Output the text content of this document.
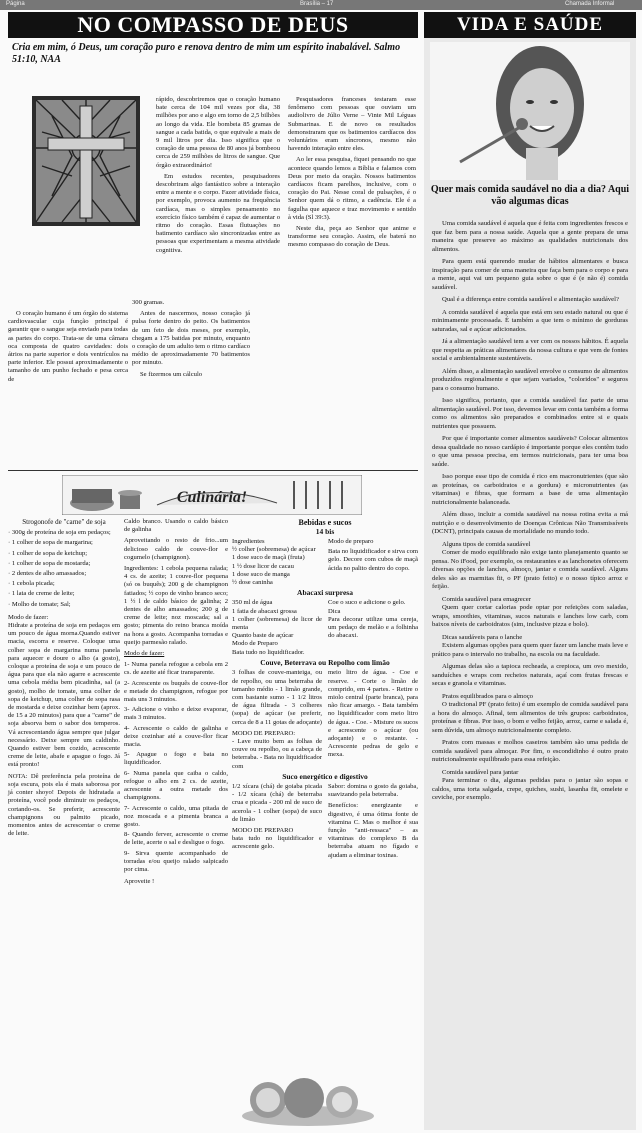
Página	Brasília – 17	Chamada Informal
NO COMPASSO DE DEUS
Cria em mim, ó Deus, um coração puro e renova dentro de mim um espírito inabalável. Salmo 51:10, NAA

O coração humano é um órgão do sistema cardiovascular cuja função principal é garantir que o sangue seja enviado para todas as partes do corpo. Trata-se de uma câmara oca composta de quatro cavidades: dois átrios na parte superior e dois ventrículos na parte inferior. Ele possui aproximadamente o tamanho de um punho fechado e pesa cerca de

rápido, descobriremos que o coração humano bate cerca de 104 mil vezes por dia, 38 milhões por ano e algo em torno de 2,5 bilhões ao longo da vida. Ele bombeia 85 gramas de sangue a cada batida, o que equivale a mais de 9 mil litros por dia. Isso significa que o coração de uma pessoa de 80 anos já bombeou cerca de 259 milhões de litros de sangue. Que órgão extraordinário!

Em estudos recentes, pesquisadores descobriram algo fantástico sobre a interação entre a mente e o corpo. Fazer atividade física, por exemplo, provoca aumento na frequência cardíaca, mas o simples pensamento no exercício físico também é capaz de aumentar o ritmo do coração. Essas flutuações no batimento cardíaco são sincronizadas entre as pessoas que experimentam a mesma atividade cognitiva.

Pesquisadores franceses testaram esse fenômeno com pessoas que ouviam um audiolivro de Júlio Verne – Vinte Mil Léguas Submarinas. E de novo os resultados demonstraram que os batimentos cardíacos dos voluntários eram síncronos, mesmo não havendo interação entre eles.

Ao ler essa pesquisa, fiquei pensando no que acontece quando lemos a Bíblia e falamos com Deus por meio da oração. Nossos batimentos cardíacos ficam parelhos, inclusive, com o coração do Pai. Nesse coral de pulsações, é o Senhor quem dá o ritmo, a cadência. Ele é a fagulha que aquece e traz movimento e sentido à vida (Sl 39:3).

Neste dia, peça ao Senhor que anime e transforme seu coração. Assim, ele baterá no mesmo compasso do coração de Deus.

Culinária!

Strogonofe de "carne" de soja

· 300g de proteína de soja em pedaços;

· 1 colher de sopa de margarina;

· 1 colher de sopa de ketchup;

· 1 colher de sopa de mostarda;

· 2 dentes de alho amassados;

· 1 cebola picada;

· 1 lata de creme de leite;

· Molho de tomate; Sal;

Modo de fazer:

Hidrate a proteína de soja em pedaços em um pouco de água morna.Quando estiver macia, escorra e reserve. Coloque uma colher sopa de margarina numa panela para aquecer e doure o alho (a gosto), coloque a proteína de soja e um pouco de água para que ela não agarre e acrescente uma cebola média bem picadinha, sal (a gosto), molho de tomate, uma colher de sopa de ketchup, uma colher de sopa rasa de mostarda e deixe cozinhar bem (aprox. de 15 a 20 minutos) para que a "carne" de soja absorva bem o sabor dos temperos. Vá acrescentando água sempre que julgar necessário. Deixe sempre um caldinho. Quando estiver bem cozido, acrescente creme de leite, abafe e apague o fogo. Já está pronto!

NOTA: Dê preferência pela proteína de soja escura, pois ela é mais saborosa por já conter shoyo! Depois de hidratada a proteína, você pode diminuir os pedaços, cortando-os. Se preferir, acrescente champignons ou palmito picado, momentos antes de acrescentar o creme de leite.

Caldo branco. Usando o caldo básico de galinha

Aproveitando o resto de frio...um delicioso caldo de couve-flor e cogumelo (champignon).

Ingredientes: 1 cebola pequena ralada; 4 cs. de azeite; 1 couve-flor pequena (só os buquês); 200 g de champignon fatiados; ½ copo de vinho branco seco; 1 ½ l de caldo básico de galinha; 2 dentes de alho amassados; 200 g de creme de leite; noz moscada; sal a gosto; pimenta do reino branca moída na hora a gosto. Acompanha torradas e queijo parmesão ralado.

Modo de fazer:

1- Numa panela refogue a cebola em 2 cs. de azeite até ficar transparente.

2- Acrescente os buquês de couve-flor e metade do champignon, refogue por mais uns 3 minutos.

3- Adicione o vinho e deixe evaporar, mais 3 minutos.

4- Acrescente o caldo de galinha e deixe cozinhar até a couve-flor ficar macia.

5- Apague o fogo e bata no liquidificador.

6- Numa panela que caiba o caldo, refogue o alho em 2 cs. de azeite, acrescente a outra metade dos champignons.

7- Acrescente o caldo, uma pitada de noz moscada e a pimenta branca a gosto.

8- Quando ferver, acrescente o creme de leite, acerte o sal e desligue o fogo.

9- Sirva quente acompanhado de torradas e/ou queijo ralado salpicado por cima.

Aproveite !

Bebidas e sucos
14 bis

Ingredientes

½ colher (sobremesa) de açúcar

1 dose suco de maçã (fruta)

1 ½ dose licor de cacau

1 dose suco de manga

½ dose caninha

Modo de preparo

Bata no liquidificador e sirva com gelo. Decore com cubos de maçã ácida no palito dentro do copo.

Abacaxi surpresa

350 ml de água

1 fatia de abacaxi grossa

1 colher (sobremesa) de licor de menta

Quanto baste de açúcar

Modo de Preparo

Bata tudo no liquidificador.

Coe o suco e adicione o gelo.

Dica

Para decorar utilize uma cereja, um pedaço de melão e a folhinha do abacaxi.

Couve, Beterrava ou Repolho com limão

3 folhas de couve-manteiga, ou de repolho, ou uma beterraba de tamanho médio - 1 limão grande, com bastante sumo - 1 1/2 litros de água filtrada - 3 colheres (sopa) de açúcar (se preferir, cerca de 8 a 11 gotas de adoçante)

MODO DE PREPARO:

- Lave muito bem as folhas de couve ou repolho, ou a cabeça de beterraba. - Bata no liquidificador com

meio litro de água. - Coe e reserve. - Corte o limão de comprido, em 4 partes. - Retire o miolo central (parte branca), para não ficar amargo. - Bata também no liquidificador com meio litro de água. - Coe. - Misture os sucos e acrescente o açúcar (ou adoçante) e o restante. - Acrescente pedras de gelo e mexa.

Suco energético e digestivo

1/2 xícara (chá) de goiaba picada - 1/2 xícara (chá) de beterraba crua e picada - 200 ml de suco de acerola - 1 colher (sopa) de suco de limão

MODO DE PREPARO

bata tudo no liquidificador e acrescente gelo.

Sabor: domina o gosto da goiaba, suavizando pela beterraba.

Benefícios: energizante e digestivo, é uma ótima fonte de vitamina C. Mas o melhor é sua função "anti-ressaca" – as vitaminas do complexo B da beterraba atuam no fígado e ajudam a eliminar toxinas.

VIDA E SAÚDE
Quer mais comida saudável no dia a dia? Aqui vão algumas dicas

Uma comida saudável é aquela que é feita com ingredientes frescos e que faz bem para a nossa saúde. Aquela que a gente prepara de uma maneira que preserve ao máximo as qualidades nutricionais dos alimentos.

Para quem está querendo mudar de hábitos alimentares e busca inspiração para comer de uma maneira que faça bem para o corpo e para a mente, aqui vai um pequeno guia sobre o que é (e não é) comida saudável.

Qual é a diferença entre comida saudável e alimentação saudável?

A comida saudável é aquela que está em seu estado natural ou que é minimamente processada. É também a que tem o mínimo de gorduras saturadas, sal e açúcar adicionados.

Já a alimentação saudável tem a ver com os nossos hábitos. É aquela que respeita as práticas alimentares da nossa cultura e que vem de fontes social e ambientalmente sustentáveis.

Além disso, a alimentação saudável envolve o consumo de alimentos produzidos regionalmente e que sejam variados, "coloridos" e seguros para o consumo humano.

Isso significa, portanto, que a comida saudável faz parte de uma alimentação saudável. Por isso, devemos levar em conta também a forma como os alimentos são preparados e combinados entre si e quais nutrientes que possuem.

Por que é importante comer alimentos saudáveis? Colocar alimentos dessa qualidade no nosso cardápio é importante porque eles contêm tudo o que uma pessoa precisa, em termos nutricionais, para ter uma boa saúde.

Isso porque esse tipo de comida é rico em macronutrientes (que são as proteínas, os carboidratos e a gordura) e micronutrientes (as vitaminas) e fibras, que formam a base de uma alimentação nutricionalmente balanceada.

Além disso, incluir a comida saudável na nossa rotina evita a má nutrição e o desenvolvimento de Doenças Crônicas Não Transmissíveis (DCNT), principais causas de mortalidade no mundo todo.

Alguns tipos de comida saudável

Comer de modo equilibrado não exige tanto planejamento quanto se pensa. No iFood, por exemplo, os restaurantes e as lanchonetes oferecem diversas opções de lanches, almoço, jantar e comida saudável. Alguns deles são as marmitas fit, o PF (prato feito) e o nosso típico arroz e feijão.

Comida saudável para emagrecer

Quem quer cortar calorias pode optar por refeições com saladas, wraps, smoothies, vitaminas, sucos naturais e lanches low carb, com baixos níveis de carboidratos (sim, inclusive pizza e bolo).

Dicas saudáveis para o lanche

Existem algumas opções para quem quer fazer um lanche mais leve e prático para o intervalo no trabalho, na escola ou na faculdade.

Algumas delas são a tapioca recheada, a crepioca, um ovo mexido, sanduíches e wraps com recheios naturais, açaí com frutas frescas e secas e granola e vitaminas.

Pratos equilibrados para o almoço

O tradicional PF (prato feito) é um exemplo de comida saudável para a hora do almoço. Afinal, tem alimentos de três grupos: carboidratos, proteínas e fibras. Por isso, o bom e velho feijão, arroz, carne e salada é, sem dúvida, um almoço nutricionalmente completo.

Pratos com massas e molhos caseiros também são uma pedida de comida saudável para almoçar. Por fim, o escondidinho é outro prato nutricionalmente equilibrado para essa refeição.

Comida saudável para jantar

Para terminar o dia, algumas pedidas para o jantar são sopas e caldos, uma torta salgada, crepe, quiches, sushi, lasanha fit, omelete e ceviche, por exemplo.

300 gramas.

Antes de nascermos, nosso coração já pulsa forte dentro do peito. Os batimentos de um feto de dois meses, por exemplo, chegam a 175 batidas por minuto, enquanto o coração de um adulto tem o ritmo cardíaco médio de aproximadamente 70 batimentos por minuto.

Se fizermos um cálculo
